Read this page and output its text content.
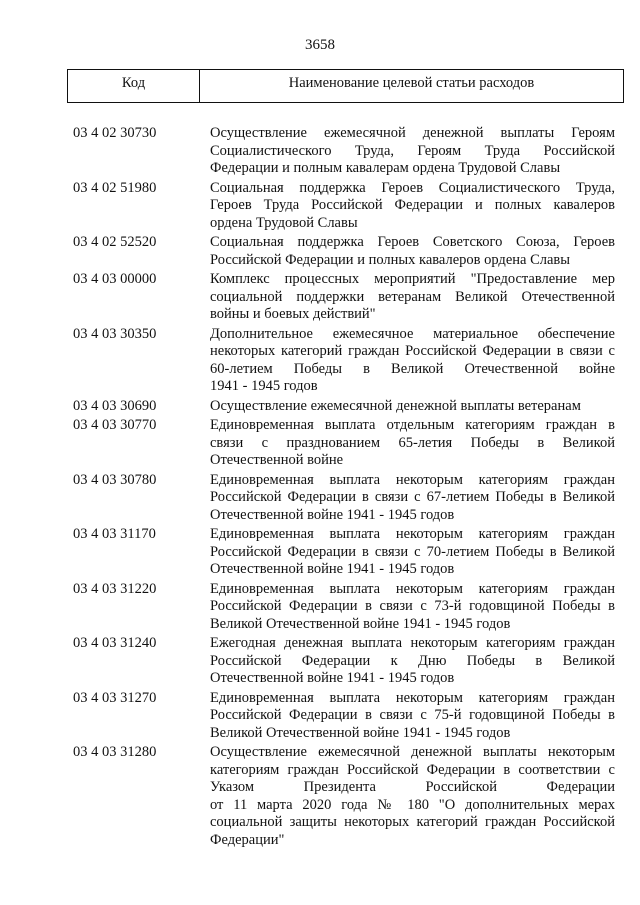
3658
Код	Наименование целевой статьи расходов
03 4 02 30730	Осуществление ежемесячной денежной выплаты Героям
Социалистического Труда, Героям Труда Российской
Федерации и полным кавалерам ордена Трудовой Славы
03 4 02 51980	Социальная поддержка Героев Социалистического Труда,
Героев Труда Российской Федерации и полных кавалеров
ордена Трудовой Славы
03 4 02 52520	Социальная поддержка Героев Советского Союза, Героев
Российской Федерации и полных кавалеров ордена Славы
03 4 03 00000	Комплекс процессных мероприятий "Предоставление мер
социальной поддержки ветеранам Великой Отечественной
войны и боевых действий"
03 4 03 30350	Дополнительное ежемесячное материальное обеспечение
некоторых категорий граждан Российской Федерации в связи с
60-летием Победы в Великой Отечественной войне
1941 - 1945 годов
03 4 03 30690	Осуществление ежемесячной денежной выплаты ветеранам
03 4 03 30770	Единовременная выплата отдельным категориям граждан в
связи с празднованием 65-летия Победы в Великой
Отечественной войне
03 4 03 30780	Единовременная выплата некоторым категориям граждан
Российской Федерации в связи с 67-летием Победы в Великой
Отечественной войне 1941 - 1945 годов
03 4 03 31170	Единовременная выплата некоторым категориям граждан
Российской Федерации в связи с 70-летием Победы в Великой
Отечественной войне 1941 - 1945 годов
03 4 03 31220	Единовременная выплата некоторым категориям граждан
Российской Федерации в связи с 73-й годовщиной Победы в
Великой Отечественной войне 1941 - 1945 годов
03 4 03 31240	Ежегодная денежная выплата некоторым категориям граждан
Российской Федерации к Дню Победы в Великой
Отечественной войне 1941 - 1945 годов
03 4 03 31270	Единовременная выплата некоторым категориям граждан
Российской Федерации в связи с 75-й годовщиной Победы в
Великой Отечественной войне 1941 - 1945 годов
03 4 03 31280	Осуществление ежемесячной денежной выплаты некоторым
категориям граждан Российской Федерации в соответствии с
Указом Президента Российской Федерации
от 11 марта 2020 года № 180 "О дополнительных мерах
социальной защиты некоторых категорий граждан Российской
Федерации"
